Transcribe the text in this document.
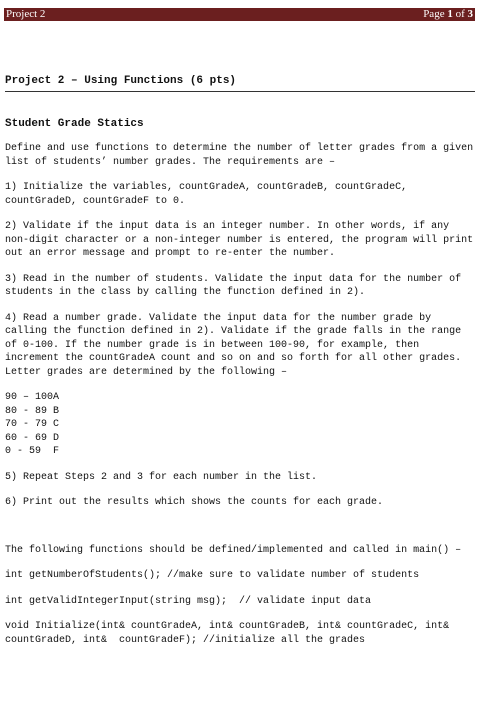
Project 2	Page 1 of 3
Project 2 – Using Functions (6 pts)
Student Grade Statics

Define and use functions to determine the number of letter grades from a given list of students’ number grades. The requirements are –

1) Initialize the variables, countGradeA, countGradeB, countGradeC, countGradeD, countGradeF to 0.

2) Validate if the input data is an integer number. In other words, if any non-digit character or a non-integer number is entered, the program will print out an error message and prompt to re-enter the number.

3) Read in the number of students. Validate the input data for the number of students in the class by calling the function defined in 2).

4) Read a number grade. Validate the input data for the number grade by calling the function defined in 2). Validate if the grade falls in the range of 0-100. If the number grade is in between 100-90, for example, then increment the countGradeA count and so on and so forth for all other grades. Letter grades are determined by the following –

90 – 100 A
80 - 89 B
70 - 79 C
60 - 69 D
0 - 59	F

5) Repeat Steps 2 and 3 for each number in the list.

6) Print out the results which shows the counts for each grade.

The following functions should be defined/implemented and called in main() –

int getNumberOfStudents(); //make sure to validate number of students

int getValidIntegerInput(string msg);  // validate input data

void Initialize(int& countGradeA, int& countGradeB, int& countGradeC, int& countGradeD, int&  countGradeF); //initialize all the grades
